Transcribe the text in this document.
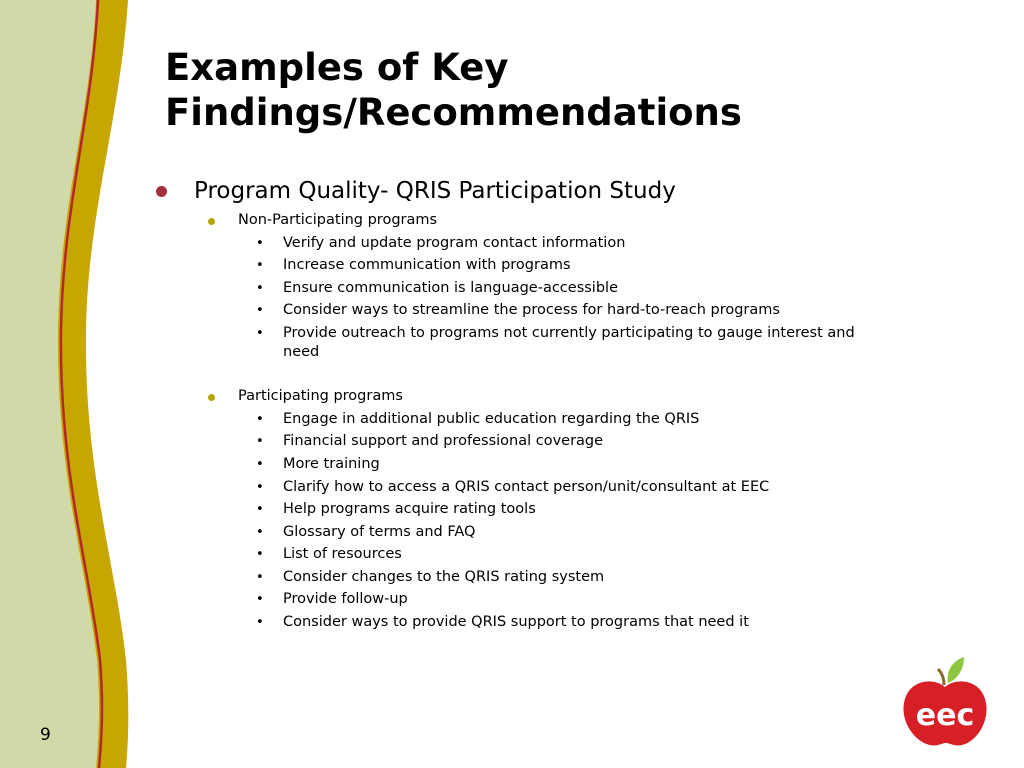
Examples of Key
Findings/Recommendations
Program Quality- QRIS Participation Study
Non-Participating programs
• Verify and update program contact information
• Increase communication with programs
• Ensure communication is language-accessible
• Consider ways to streamline the process for hard-to-reach programs
• Provide outreach to programs not currently participating to gauge interest and need
Participating programs
• Engage in additional public education regarding the QRIS
• Financial support and professional coverage
• More training
• Clarify how to access a QRIS contact person/unit/consultant at EEC
• Help programs acquire rating tools
• Glossary of terms and FAQ
• List of resources
• Consider changes to the QRIS rating system
• Provide follow-up
• Consider ways to provide QRIS support to programs that need it
9
eec
